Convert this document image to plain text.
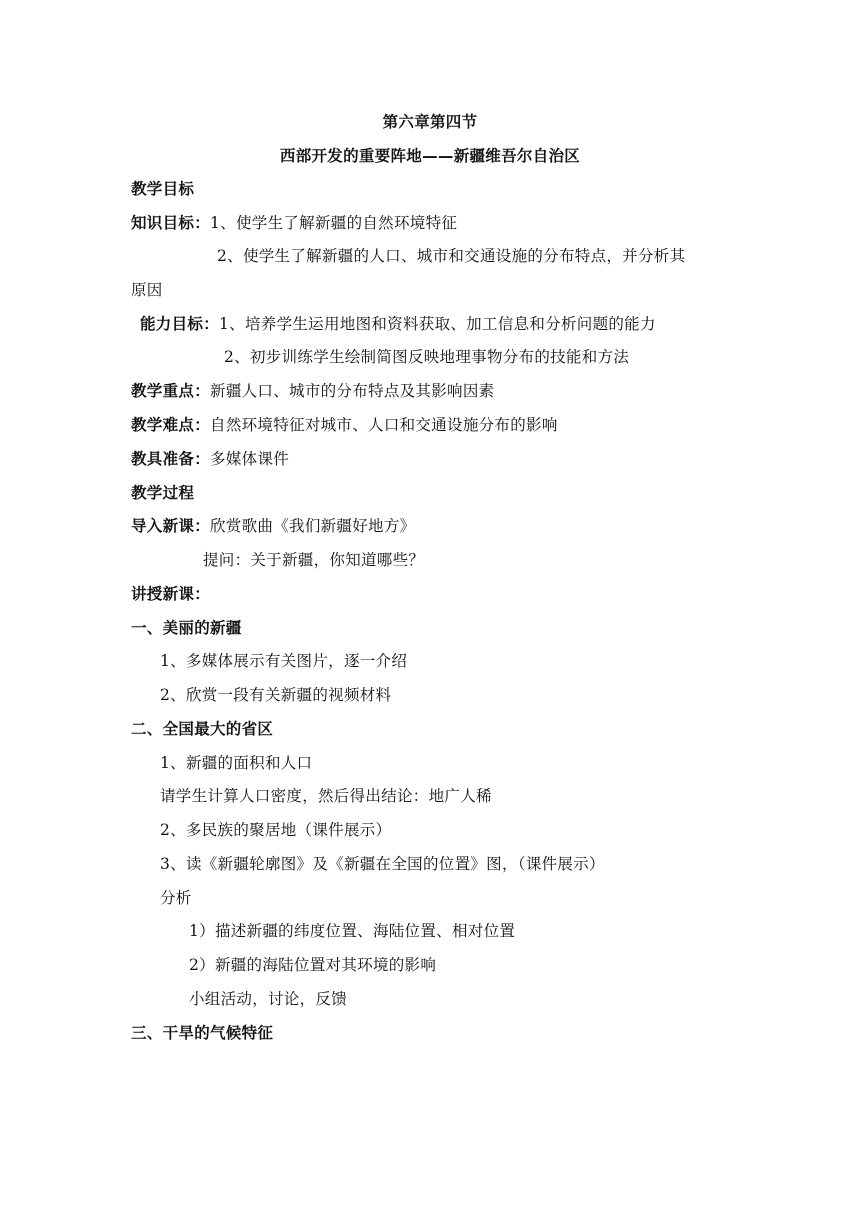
第六章第四节
西部开发的重要阵地——新疆维吾尔自治区
教学目标
知识目标：1、使学生了解新疆的自然环境特征
2、使学生了解新疆的人口、城市和交通设施的分布特点，并分析其
原因
能力目标：1、培养学生运用地图和资料获取、加工信息和分析问题的能力
2、初步训练学生绘制简图反映地理事物分布的技能和方法
教学重点：新疆人口、城市的分布特点及其影响因素
教学难点：自然环境特征对城市、人口和交通设施分布的影响
教具准备：多媒体课件
教学过程
导入新课：欣赏歌曲《我们新疆好地方》
提问：关于新疆，你知道哪些？
讲授新课：
一、美丽的新疆
1、多媒体展示有关图片，逐一介绍
2、欣赏一段有关新疆的视频材料
二、全国最大的省区
1、新疆的面积和人口
请学生计算人口密度，然后得出结论：地广人稀
2、多民族的聚居地（课件展示）
3、读《新疆轮廓图》及《新疆在全国的位置》图，（课件展示）
分析
1）描述新疆的纬度位置、海陆位置、相对位置
2）新疆的海陆位置对其环境的影响
小组活动，讨论，反馈
三、干旱的气候特征
